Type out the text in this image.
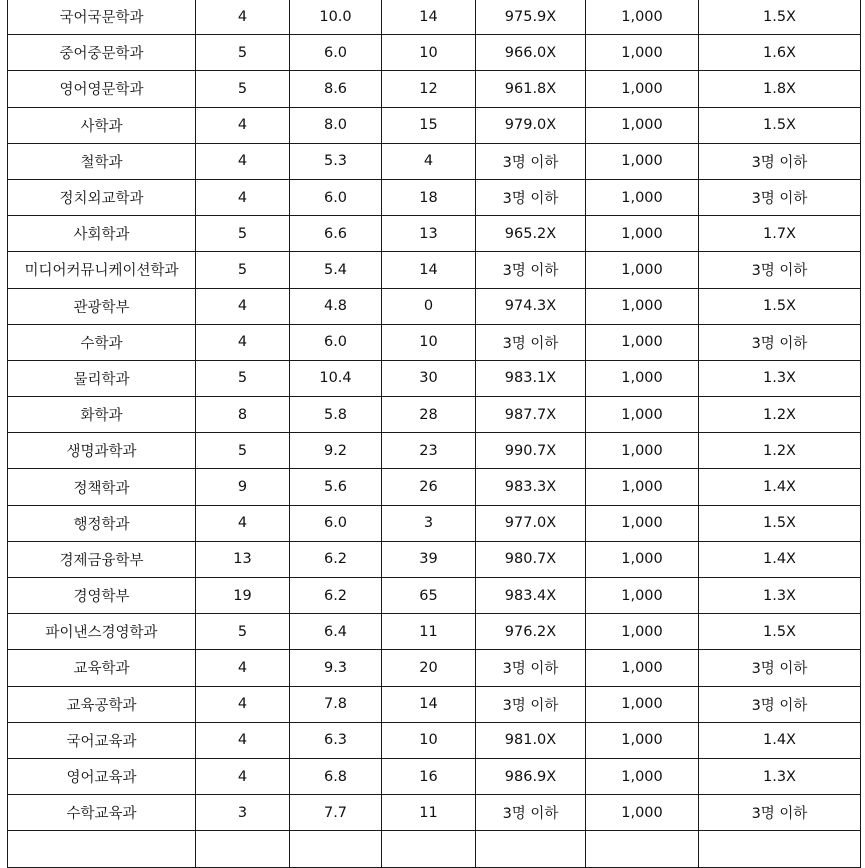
국어국문학과	4	10.0	14	975.9X	1,000	1.5X
중어중문학과	5	6.0	10	966.0X	1,000	1.6X
영어영문학과	5	8.6	12	961.8X	1,000	1.8X
사학과	4	8.0	15	979.0X	1,000	1.5X
철학과	4	5.3	4	3명 이하	1,000	3명 이하
정치외교학과	4	6.0	18	3명 이하	1,000	3명 이하
사회학과	5	6.6	13	965.2X	1,000	1.7X
미디어커뮤니케이션학과	5	5.4	14	3명 이하	1,000	3명 이하
관광학부	4	4.8	0	974.3X	1,000	1.5X
수학과	4	6.0	10	3명 이하	1,000	3명 이하
물리학과	5	10.4	30	983.1X	1,000	1.3X
화학과	8	5.8	28	987.7X	1,000	1.2X
생명과학과	5	9.2	23	990.7X	1,000	1.2X
정책학과	9	5.6	26	983.3X	1,000	1.4X
행정학과	4	6.0	3	977.0X	1,000	1.5X
경제금융학부	13	6.2	39	980.7X	1,000	1.4X
경영학부	19	6.2	65	983.4X	1,000	1.3X
파이낸스경영학과	5	6.4	11	976.2X	1,000	1.5X
교육학과	4	9.3	20	3명 이하	1,000	3명 이하
교육공학과	4	7.8	14	3명 이하	1,000	3명 이하
국어교육과	4	6.3	10	981.0X	1,000	1.4X
영어교육과	4	6.8	16	986.9X	1,000	1.3X
수학교육과	3	7.7	11	3명 이하	1,000	3명 이하
